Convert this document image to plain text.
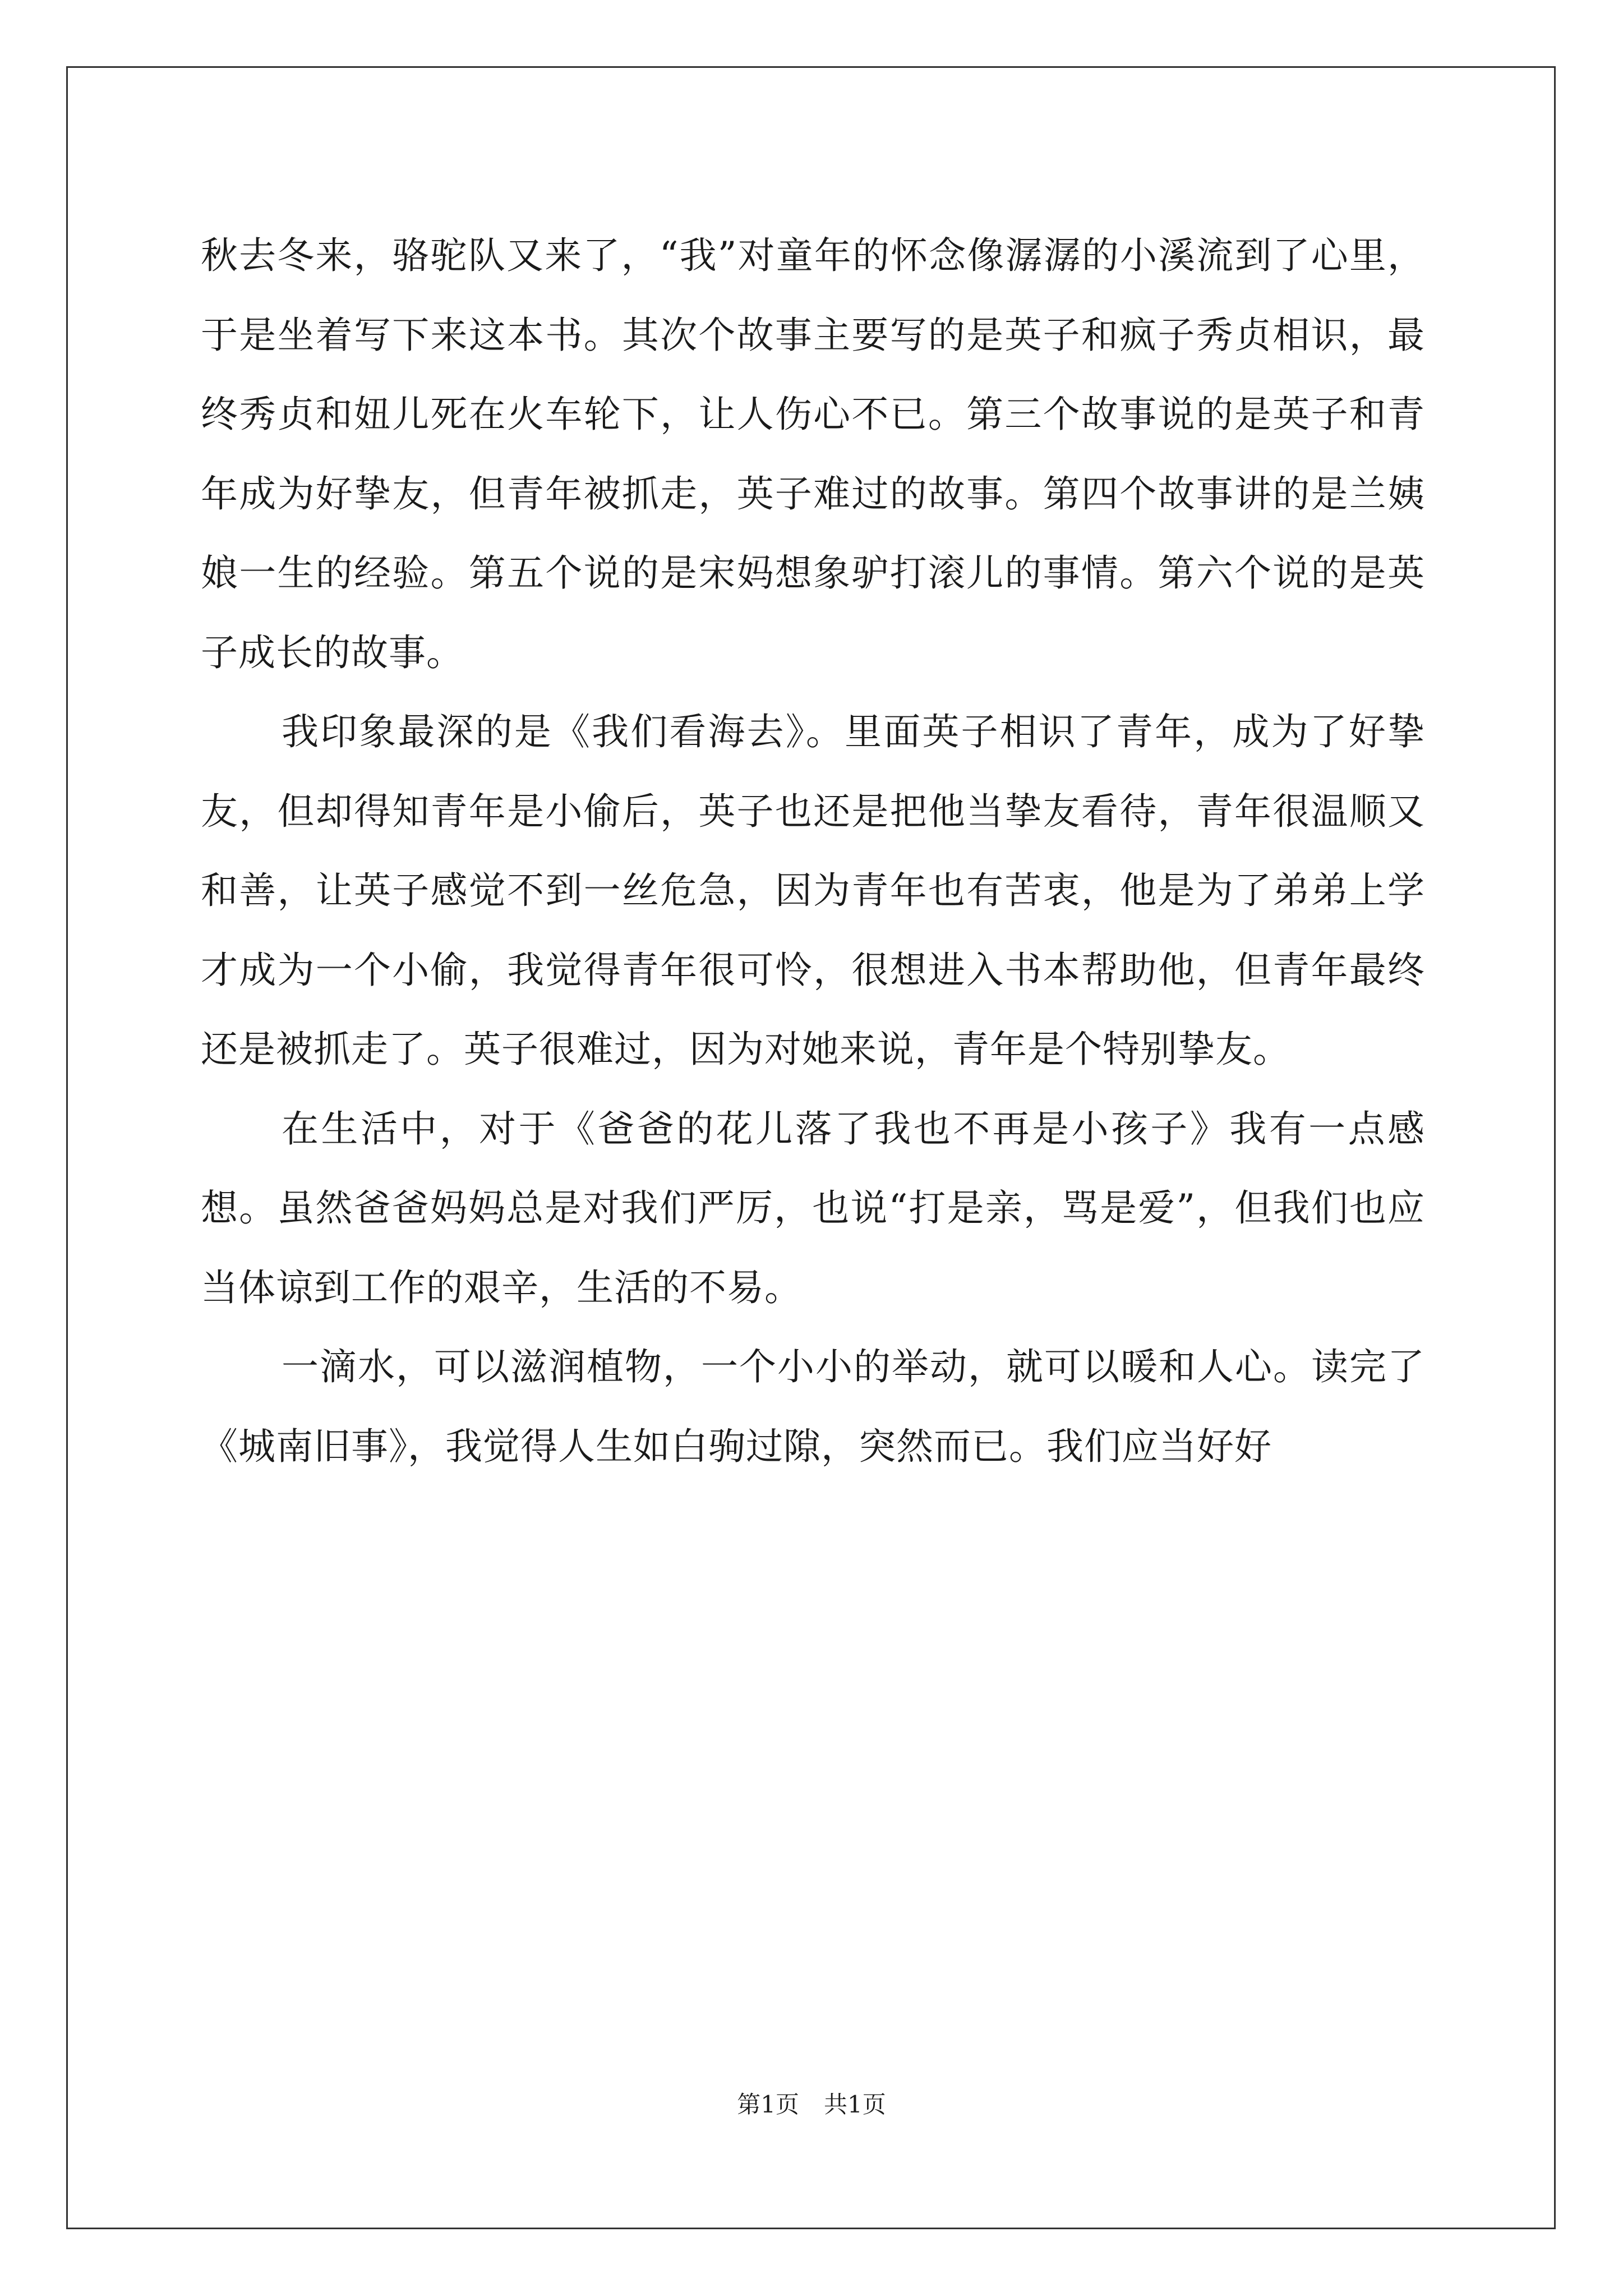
秋去冬来，骆驼队又来了，“我”对童年的怀念像潺潺的小溪流到了心里，于是坐着写下来这本书。其次个故事主要写的是英子和疯子秀贞相识，最终秀贞和妞儿死在火车轮下，让人伤心不已。第三个故事说的是英子和青年成为好挚友，但青年被抓走，英子难过的故事。第四个故事讲的是兰姨娘一生的经验。第五个说的是宋妈想象驴打滚儿的事情。第六个说的是英子成长的故事。

我印象最深的是《我们看海去》。里面英子相识了青年，成为了好挚友，但却得知青年是小偷后，英子也还是把他当挚友看待，青年很温顺又和善，让英子感觉不到一丝危急，因为青年也有苦衷，他是为了弟弟上学才成为一个小偷，我觉得青年很可怜，很想进入书本帮助他，但青年最终还是被抓走了。英子很难过，因为对她来说，青年是个特别挚友。

在生活中，对于《爸爸的花儿落了我也不再是小孩子》我有一点感想。虽然爸爸妈妈总是对我们严厉，也说“打是亲，骂是爱”，但我们也应当体谅到工作的艰辛，生活的不易。

一滴水，可以滋润植物，一个小小的举动，就可以暖和人心。读完了《城南旧事》，我觉得人生如白驹过隙，突然而已。我们应当好好

第1页 共1页
